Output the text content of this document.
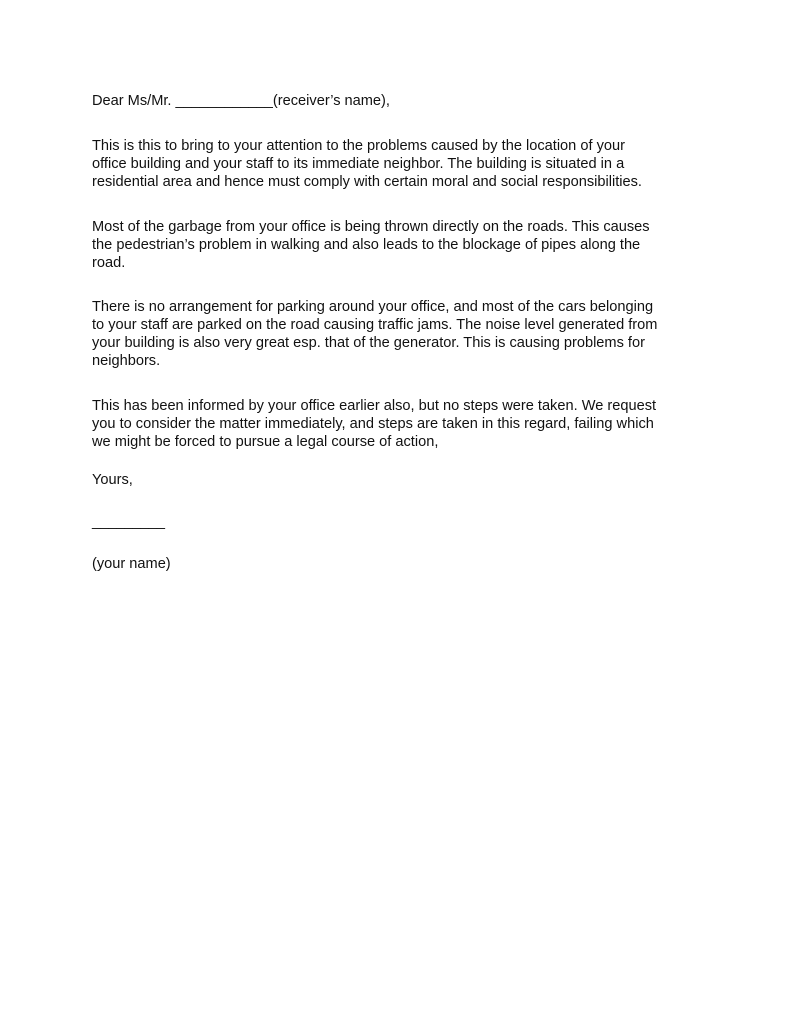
Dear Ms/Mr. ____________(receiver’s name),
This is this to bring to your attention to the problems caused by the location of your
office building and your staff to its immediate neighbor. The building is situated in a
residential area and hence must comply with certain moral and social responsibilities.
Most of the garbage from your office is being thrown directly on the roads. This causes
the pedestrian’s problem in walking and also leads to the blockage of pipes along the
road.
There is no arrangement for parking around your office, and most of the cars belonging
to your staff are parked on the road causing traffic jams. The noise level generated from
your building is also very great esp. that of the generator. This is causing problems for
neighbors.
This has been informed by your office earlier also, but no steps were taken. We request
you to consider the matter immediately, and steps are taken in this regard, failing which
we might be forced to pursue a legal course of action,
Yours,
_________
(your name)
